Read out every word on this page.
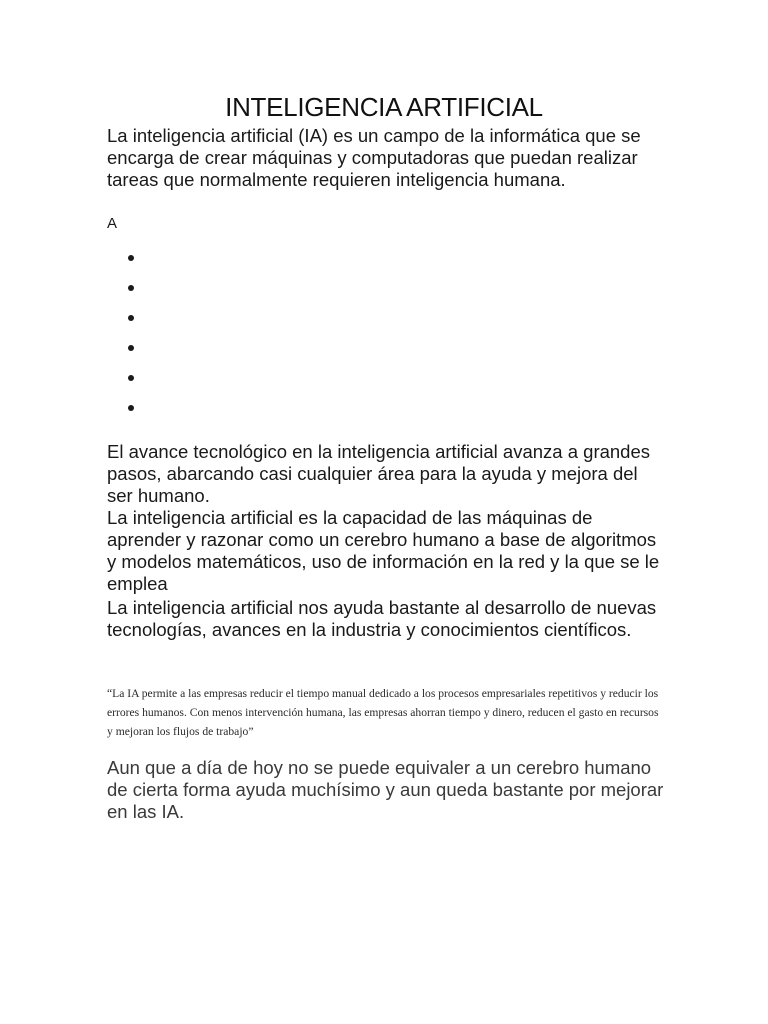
INTELIGENCIA ARTIFICIAL
La inteligencia artificial (IA) es un campo de la informática que se encarga de crear máquinas y computadoras que puedan realizar tareas que normalmente requieren inteligencia humana.
A
El avance tecnológico en la inteligencia artificial avanza a grandes pasos, abarcando casi cualquier área para la ayuda y mejora del ser humano.
La inteligencia artificial es la capacidad de las máquinas de aprender y razonar como un cerebro humano a base de algoritmos y modelos matemáticos, uso de información en la red y la que se le emplea
La inteligencia artificial nos ayuda bastante al desarrollo de nuevas tecnologías, avances en la industria y conocimientos científicos.
“La IA permite a las empresas reducir el tiempo manual dedicado a los procesos empresariales repetitivos y reducir los errores humanos. Con menos intervención humana, las empresas ahorran tiempo y dinero, reducen el gasto en recursos y mejoran los flujos de trabajo”
Aun que a día de hoy no se puede equivaler a un cerebro humano de cierta forma ayuda muchísimo y aun queda bastante por mejorar en las IA.
